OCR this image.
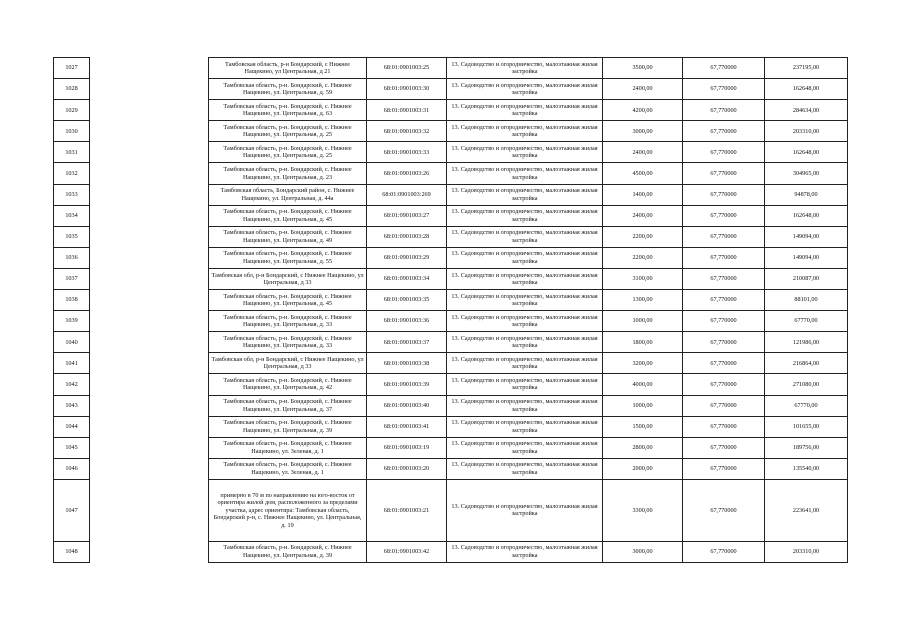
1027		Тамбовская область, р-н Бондарский, с Нижнее Нащекино, ул Центральная, д 21	68:01:0901003:25	13. Садоводство и огородничество, малоэтажная жилая застройка	3500,00	67,770000	237195,00
1028		Тамбовская область, р-н. Бондарский, с. Нижнее Нащекино, ул. Центральная, д. 59	68:01:0901003:30	13. Садоводство и огородничество, малоэтажная жилая застройка	2400,00	67,770000	162648,00
1029		Тамбовская область, р-н. Бондарский, с. Нижнее Нащекино, ул. Центральная, д. 63	68:01:0901003:31	13. Садоводство и огородничество, малоэтажная жилая застройка	4200,00	67,770000	284634,00
1030		Тамбовская область, р-н. Бондарский, с. Нижнее Нащекино, ул. Центральная, д. 25	68:01:0901003:32	13. Садоводство и огородничество, малоэтажная жилая застройка	3000,00	67,770000	203310,00
1031		Тамбовская область, р-н. Бондарский, с. Нижнее Нащекино, ул. Центральная, д. 25	68:01:0901003:33	13. Садоводство и огородничество, малоэтажная жилая застройка	2400,00	67,770000	162648,00
1032		Тамбовская область, р-н. Бондарский, с. Нижнее Нащекино, ул. Центральная, д. 23	68:01:0901003:26	13. Садоводство и огородничество, малоэтажная жилая застройка	4500,00	67,770000	304965,00
1033		Тамбовская область, Бондарский район, с. Нижнее Нащекино, ул. Центральная, д. 44а	68:01:0901003:269	13. Садоводство и огородничество, малоэтажная жилая застройка	1400,00	67,770000	94878,00
1034		Тамбовская область, р-н. Бондарский, с. Нижнее Нащекино, ул. Центральная, д. 45	68:01:0901003:27	13. Садоводство и огородничество, малоэтажная жилая застройка	2400,00	67,770000	162648,00
1035		Тамбовская область, р-н. Бондарский, с. Нижнее Нащекино, ул. Центральная, д. 49	68:01:0901003:28	13. Садоводство и огородничество, малоэтажная жилая застройка	2200,00	67,770000	149094,00
1036		Тамбовская область, р-н. Бондарский, с. Нижнее Нащекино, ул. Центральная, д. 55	68:01:0901003:29	13. Садоводство и огородничество, малоэтажная жилая застройка	2200,00	67,770000	149094,00
1037		Тамбовская обл, р-н Бондарский, с Нижнее Нащекино, ул Центральная, д 33	68:01:0901003:34	13. Садоводство и огородничество, малоэтажная жилая застройка	3100,00	67,770000	210087,00
1038		Тамбовская область, р-н. Бондарский, с. Нижнее Нащекино, ул. Центральная, д. 45	68:01:0901003:35	13. Садоводство и огородничество, малоэтажная жилая застройка	1300,00	67,770000	88101,00
1039		Тамбовская область, р-н. Бондарский, с. Нижнее Нащекино, ул. Центральная, д. 33	68:01:0901003:36	13. Садоводство и огородничество, малоэтажная жилая застройка	1000,00	67,770000	67770,00
1040		Тамбовская область, р-н. Бондарский, с. Нижнее Нащекино, ул. Центральная, д. 33	68:01:0901003:37	13. Садоводство и огородничество, малоэтажная жилая застройка	1800,00	67,770000	121986,00
1041		Тамбовская обл, р-н Бондарский, с Нижнее Нащекино, ул Центральная, д 33	68:01:0901003:38	13. Садоводство и огородничество, малоэтажная жилая застройка	3200,00	67,770000	216864,00
1042		Тамбовская область, р-н. Бондарский, с. Нижнее Нащекино, ул. Центральная, д. 42	68:01:0901003:39	13. Садоводство и огородничество, малоэтажная жилая застройка	4000,00	67,770000	271080,00
1043		Тамбовская область, р-н. Бондарский, с. Нижнее Нащекино, ул. Центральная, д. 37	68:01:0901003:40	13. Садоводство и огородничество, малоэтажная жилая застройка	1000,00	67,770000	67770,00
1044		Тамбовская область, р-н. Бондарский, с. Нижнее Нащекино, ул. Центральная, д. 39	68:01:0901003:41	13. Садоводство и огородничество, малоэтажная жилая застройка	1500,00	67,770000	101655,00
1045		Тамбовская область, р-н. Бондарский, с. Нижнее Нащекино, ул. Зеленая, д. 1	68:01:0901003:19	13. Садоводство и огородничество, малоэтажная жилая застройка	2800,00	67,770000	189756,00
1046		Тамбовская область, р-н. Бондарский, с. Нижнее Нащекино, ул. Зеленая, д. 1	68:01:0901003:20	13. Садоводство и огородничество, малоэтажная жилая застройка	2000,00	67,770000	135540,00
1047		примерно в 70 м по направлению на юго-восток от ориентира жилой дом, расположенного за пределами участка, адрес ориентира: Тамбовская область, Бондарский р-н, с. Нижнее Нащекино, ул. Центральная, д. 19	68:01:0901003:21	13. Садоводство и огородничество, малоэтажная жилая застройка	3300,00	67,770000	223641,00
1048		Тамбовская область, р-н. Бондарский, с. Нижнее Нащекино, ул. Центральная, д. 39	68:01:0901003:42	13. Садоводство и огородничество, малоэтажная жилая застройка	3000,00	67,770000	203310,00
